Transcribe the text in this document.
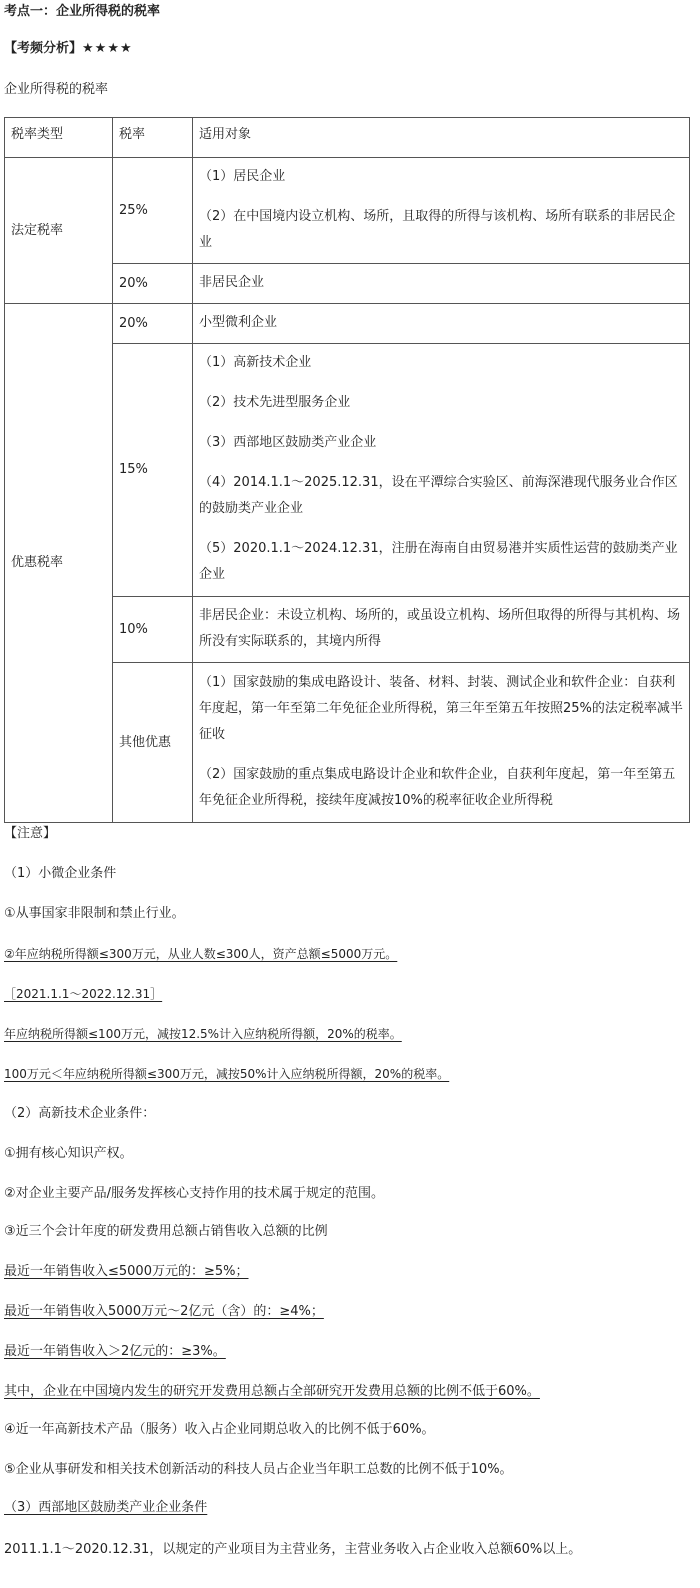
考点一：企业所得税的税率
【考频分析】★★★★
企业所得税的税率
税率类型	税率	适用对象
法定税率	25%	（1）居民企业

（2）在中国境内设立机构、场所，且取得的所得与该机构、场所有联系的非居民企业

	20%	非居民企业

优惠税率	20%	小型微利企业

	15%	（1）高新技术企业

（2）技术先进型服务企业

（3）西部地区鼓励类产业企业

（4）2014.1.1～2025.12.31，设在平潭综合实验区、前海深港现代服务业合作区的鼓励类产业企业

（5）2020.1.1～2024.12.31，注册在海南自由贸易港并实质性运营的鼓励类产业企业

	10%	非居民企业：未设立机构、场所的，或虽设立机构、场所但取得的所得与其机构、场所没有实际联系的，其境内所得

	其他优惠	（1）国家鼓励的集成电路设计、装备、材料、封装、测试企业和软件企业：自获利年度起，第一年至第二年免征企业所得税，第三年至第五年按照25%的法定税率减半征收

（2）国家鼓励的重点集成电路设计企业和软件企业，自获利年度起，第一年至第五年免征企业所得税，接续年度减按10%的税率征收企业所得税

【注意】
（1）小微企业条件
①从事国家非限制和禁止行业。
②年应纳税所得额≤300万元，从业人数≤300人，资产总额≤5000万元。
［2021.1.1～2022.12.31］
年应纳税所得额≤100万元，减按12.5%计入应纳税所得额，20%的税率。
100万元＜年应纳税所得额≤300万元，减按50%计入应纳税所得额，20%的税率。
（2）高新技术企业条件：
①拥有核心知识产权。
②对企业主要产品/服务发挥核心支持作用的技术属于规定的范围。
③近三个会计年度的研发费用总额占销售收入总额的比例
最近一年销售收入≤5000万元的：≥5%；
最近一年销售收入5000万元～2亿元（含）的：≥4%；
最近一年销售收入＞2亿元的：≥3%。
其中，企业在中国境内发生的研究开发费用总额占全部研究开发费用总额的比例不低于60%。
④近一年高新技术产品（服务）收入占企业同期总收入的比例不低于60%。
⑤企业从事研发和相关技术创新活动的科技人员占企业当年职工总数的比例不低于10%。
（3）西部地区鼓励类产业企业条件
2011.1.1～2020.12.31，以规定的产业项目为主营业务，主营业务收入占企业收入总额60%以上。
